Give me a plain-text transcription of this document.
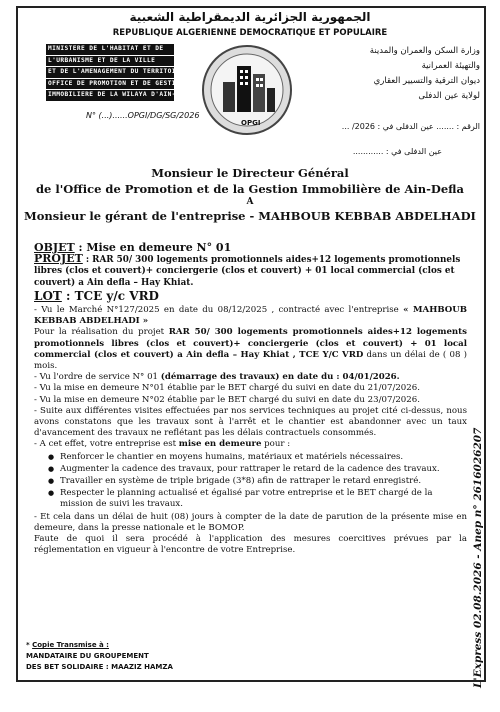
الجمهورية الجزائرية الديمقراطية الشعبية
REPUBLIQUE ALGERIENNE DEMOCRATIQUE ET POPULAIRE
MINISTERE DE L'HABITAT ET DE
L'URBANISME ET DE LA VILLE
ET DE L'AMENAGEMENT DU TERRITOIRE
OFFICE DE PROMOTION ET DE GESTION
IMMOBILIERE DE LA WILAYA D'AIN-DEFLA
N° (...)......OPGI/DG/SG/2026
OPGI
وزارة السكن والعمران والمدينة
والتهيئة العمرانية
ديوان الترقية والتسيير العقاري
لولاية عين الدفلى
الرقم : ....... عين الدفلى في : 2026/ ...
عين الدفلى في : ............
Monsieur le Directeur Général
de l'Office de Promotion et de la Gestion Immobilière de Ain-Defla
A
Monsieur le gérant de l'entreprise - MAHBOUB KEBBAB ABDELHADI
OBJET : Mise en demeure N° 01
PROJET : RAR 50/ 300 logements promotionnels aides+12 logements promotionnels libres (clos et couvert)+ conciergerie (clos et couvert) + 01 local commercial (clos et couvert) a Ain defla – Hay Khiat.
LOT : TCE y/c VRD

- Vu le Marché N°127/2025 en date du 08/12/2025 , contracté avec l'entreprise « MAHBOUB KEBBAB ABDELHADI »

Pour la réalisation du projet RAR 50/ 300 logements promotionnels aides+12 logements promotionnels libres (clos et couvert)+ conciergerie (clos et couvert) + 01 local commercial (clos et couvert) a Ain defla – Hay Khiat , TCE Y/C VRD dans un délai de ( 08 ) mois.

- Vu l'ordre de service N° 01 (démarrage des travaux) en date du : 04/01/2026.

- Vu la mise en demeure N°01 établie par le BET chargé du suivi en date du 21/07/2026.

- Vu la mise en demeure N°02 établie par le BET chargé du suivi en date du 23/07/2026.

- Suite aux différentes visites effectuées par nos services techniques au projet cité ci-dessus, nous avons constatons que les travaux sont à l'arrêt et le chantier est abandonner avec un taux d'avancement des travaux ne reflétant pas les délais contractuels consommés.

- A cet effet, votre entreprise est mise en demeure pour :

● Renforcer le chantier en moyens humains, matériaux et matériels nécessaires.
● Augmenter la cadence des travaux, pour rattraper le retard de la cadence des travaux.
● Travailler en système de triple brigade (3*8) afin de rattraper le retard enregistré.
● Respecter le planning actualisé et égalisé par votre entreprise et le BET chargé de la mission de suivi les travaux.

- Et cela dans un délai de huit (08) jours à compter de la date de parution de la présente mise en demeure, dans la presse nationale et le BOMOP.

Faute de quoi il sera procédé à l'application des mesures coercitives prévues par la réglementation en vigueur à l'encontre de votre Entreprise.

* Copie Transmise à :
MANDATAIRE DU GROUPEMENT
DES BET SOLIDAIRE : MAAZIZ HAMZA	L'Express 02.08.2026 - Anep n° 2616026207
